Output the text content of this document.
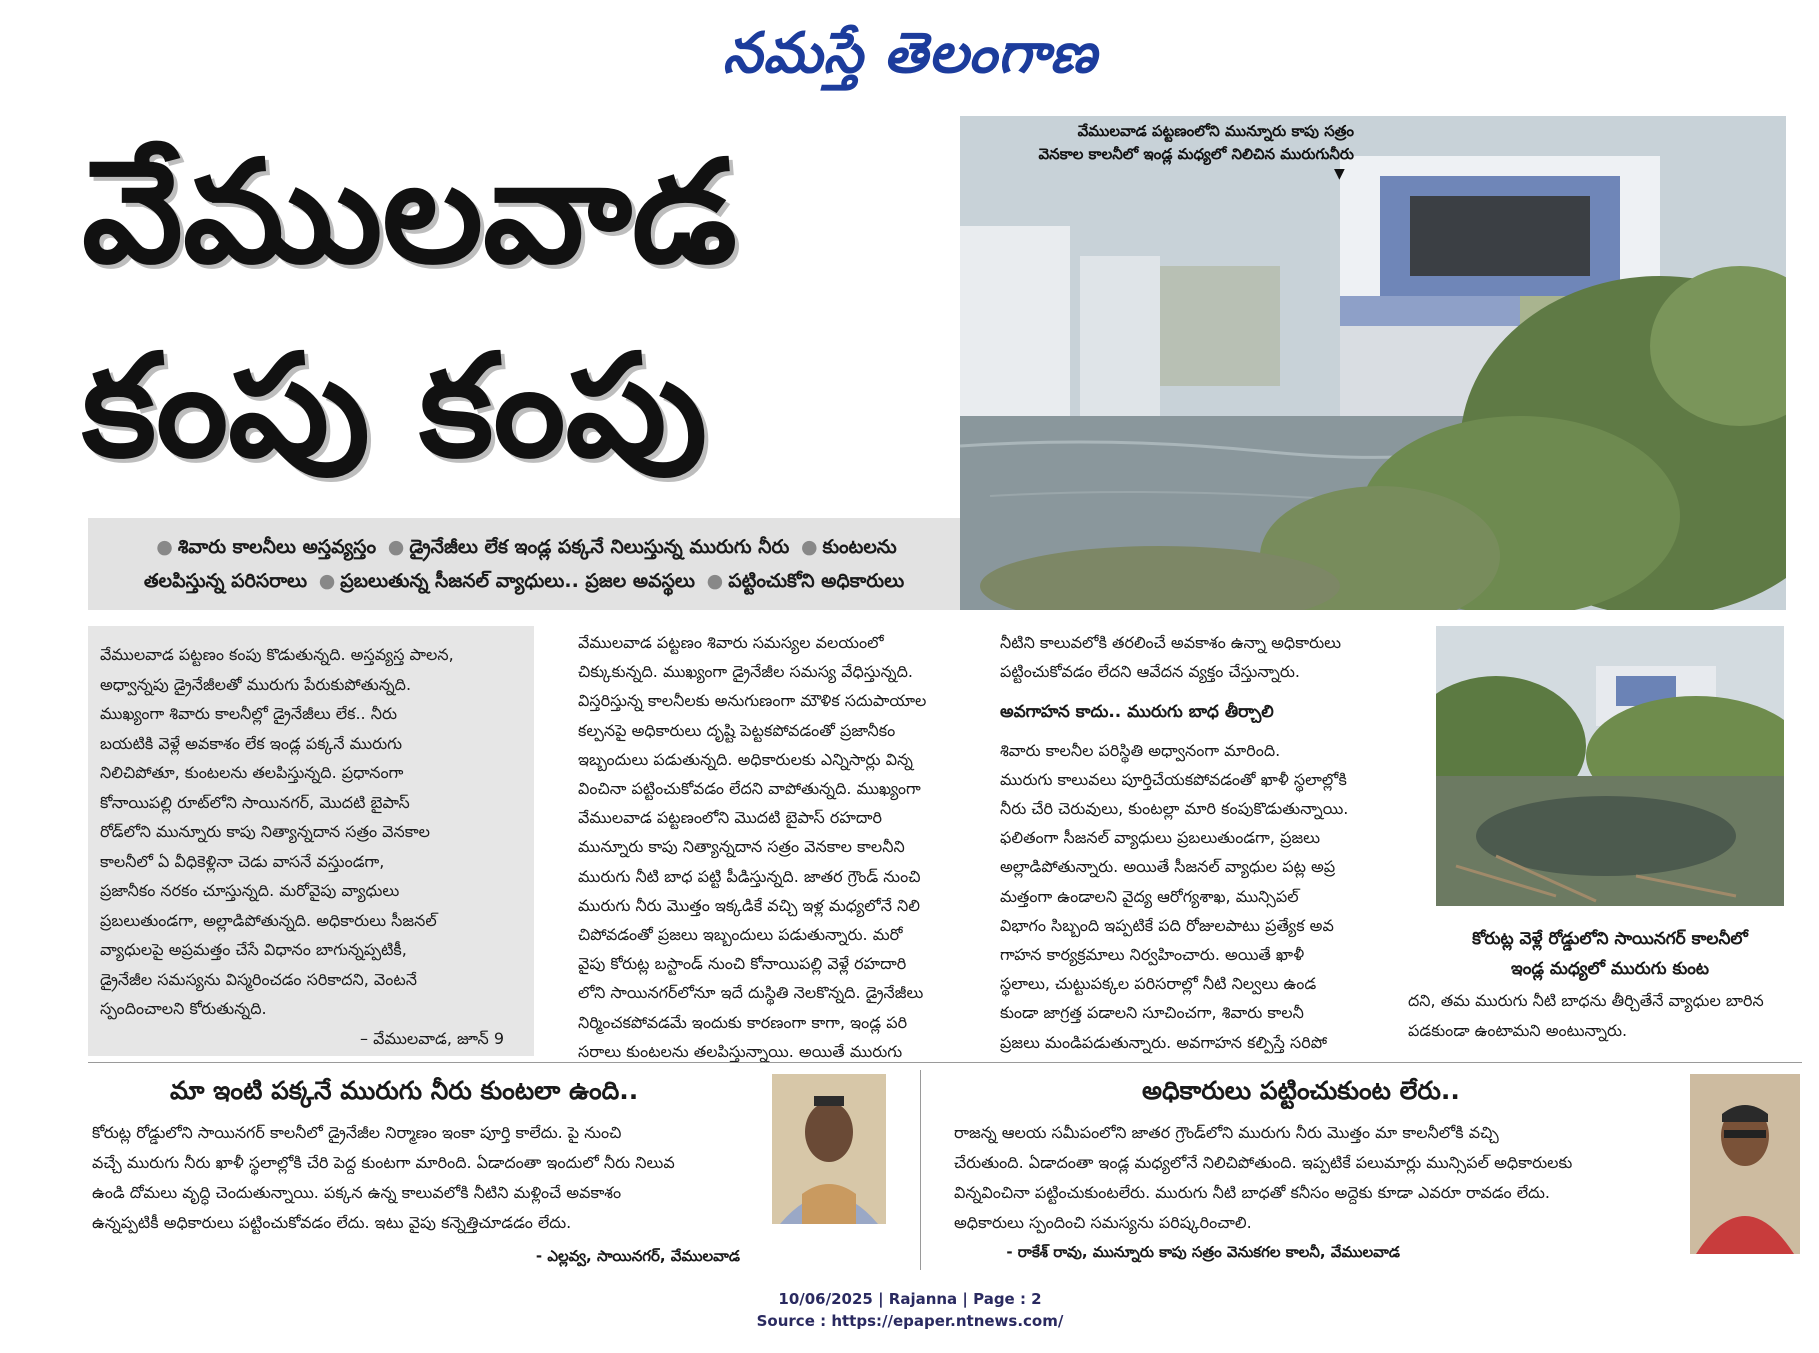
నమస్తే తెలంగాణ
వేములవాడ
కంపు కంపు
● శివారు కాలనీలు అస్తవ్యస్తం ● డ్రైనేజీలు లేక ఇండ్ల పక్కనే నిలుస్తున్న మురుగు నీరు ● కుంటలను
తలపిస్తున్న పరిసరాలు ● ప్రబలుతున్న సీజనల్ వ్యాధులు.. ప్రజల అవస్థలు ● పట్టించుకోని అధికారులు
వేములవాడ పట్టణంలోని మున్నూరు కాపు సత్రం
వెనకాల కాలనీలో ఇండ్ల మధ్యలో నిలిచిన మురుగునీరు
▼

వేములవాడ పట్టణం కంపు కొడుతున్నది. అస్తవ్యస్త పాలన,

అధ్వాన్నపు డ్రైనేజీలతో మురుగు పేరుకుపోతున్నది.

ముఖ్యంగా శివారు కాలనీల్లో డ్రైనేజీలు లేక.. నీరు

బయటికి వెళ్లే అవకాశం లేక ఇండ్ల పక్కనే మురుగు

నిలిచిపోతూ, కుంటలను తలపిస్తున్నది. ప్రధానంగా

కోనాయిపల్లి రూట్‌లోని సాయినగర్, మొదటి బైపాస్

రోడ్‌లోని మున్నూరు కాపు నిత్యాన్నదాన సత్రం వెనకాల

కాలనీలో ఏ వీధికెళ్లినా చెడు వాసనే వస్తుండగా,

ప్రజానీకం నరకం చూస్తున్నది. మరోవైపు వ్యాధులు

ప్రబలుతుండగా, అల్లాడిపోతున్నది. అధికారులు సీజనల్

వ్యాధులపై అప్రమత్తం చేసే విధానం బాగున్నప్పటికీ,

డ్రైనేజీల సమస్యను విస్మరించడం సరికాదని, వెంటనే

స్పందించాలని కోరుతున్నది.

– వేములవాడ, జూన్ 9

వేములవాడ పట్టణం శివారు సమస్యల వలయంలో

చిక్కుకున్నది. ముఖ్యంగా డ్రైనేజీల సమస్య వేధిస్తున్నది.

విస్తరిస్తున్న కాలనీలకు అనుగుణంగా మౌళిక సదుపాయాల

కల్పనపై అధికారులు దృష్టి పెట్టకపోవడంతో ప్రజానీకం

ఇబ్బందులు పడుతున్నది. అధికారులకు ఎన్నిసార్లు విన్న

వించినా పట్టించుకోవడం లేదని వాపోతున్నది. ముఖ్యంగా

వేములవాడ పట్టణంలోని మొదటి బైపాస్ రహదారి

మున్నూరు కాపు నిత్యాన్నదాన సత్రం వెనకాల కాలనీని

మురుగు నీటి బాధ పట్టి పీడిస్తున్నది. జాతర గ్రౌండ్ నుంచి

మురుగు నీరు మొత్తం ఇక్కడికే వచ్చి ఇళ్ల మధ్యలోనే నిలి

చిపోవడంతో ప్రజలు ఇబ్బందులు పడుతున్నారు. మరో

వైపు కోరుట్ల బస్టాండ్ నుంచి కోనాయిపల్లి వెళ్లే రహదారి

లోని సాయినగర్‌లోనూ ఇదే దుస్థితి నెలకొన్నది. డ్రైనేజీలు

నిర్మించకపోవడమే ఇందుకు కారణంగా కాగా, ఇండ్ల పరి

సరాలు కుంటలను తలపిస్తున్నాయి. అయితే మురుగు

నీటిని కాలువలోకి తరలించే అవకాశం ఉన్నా అధికారులు

పట్టించుకోవడం లేదని ఆవేదన వ్యక్తం చేస్తున్నారు.

అవగాహన కాదు.. మురుగు బాధ తీర్చాలి

శివారు కాలనీల పరిస్థితి అధ్వానంగా మారింది.

మురుగు కాలువలు పూర్తిచేయకపోవడంతో ఖాళీ స్థలాల్లోకి

నీరు చేరి చెరువులు, కుంటల్లా మారి కంపుకొడుతున్నాయి.

ఫలితంగా సీజనల్ వ్యాధులు ప్రబలుతుండగా, ప్రజలు

అల్లాడిపోతున్నారు. అయితే సీజనల్ వ్యాధుల పట్ల అప్ర

మత్తంగా ఉండాలని వైద్య ఆరోగ్యశాఖ, మున్సిపల్

విభాగం సిబ్బంది ఇప్పటికే పది రోజులపాటు ప్రత్యేక అవ

గాహన కార్యక్రమాలు నిర్వహించారు. అయితే ఖాళీ

స్థలాలు, చుట్టుపక్కల పరిసరాల్లో నీటి నిల్వలు ఉండ

కుండా జాగ్రత్త పడాలని సూచించగా, శివారు కాలనీ

ప్రజలు మండిపడుతున్నారు. అవగాహన కల్పిస్తే సరిపో

కోరుట్ల వెళ్లే రోడ్డులోని సాయినగర్ కాలనీలో
ఇండ్ల మధ్యలో మురుగు కుంట

దని, తమ మురుగు నీటి బాధను తీర్చితేనే వ్యాధుల బారిన

పడకుండా ఉంటామని అంటున్నారు.

మా ఇంటి పక్కనే మురుగు నీరు కుంటలా ఉంది..

కోరుట్ల రోడ్డులోని సాయినగర్ కాలనీలో డ్రైనేజీల నిర్మాణం ఇంకా పూర్తి కాలేదు. పై నుంచి

వచ్చే మురుగు నీరు ఖాళీ స్థలాల్లోకి చేరి పెద్ద కుంటగా మారింది. ఏడాదంతా ఇందులో నీరు నిలువ

ఉండి దోమలు వృద్ధి చెందుతున్నాయి. పక్కన ఉన్న కాలువలోకి నీటిని మళ్లించే అవకాశం

ఉన్నప్పటికీ అధికారులు పట్టించుకోవడం లేదు. ఇటు వైపు కన్నెత్తిచూడడం లేదు.

- ఎల్లవ్వ, సాయినగర్, వేములవాడ
అధికారులు పట్టించుకుంట లేరు..

రాజన్న ఆలయ సమీపంలోని జాతర గ్రౌండ్‌లోని మురుగు నీరు మొత్తం మా కాలనీలోకి వచ్చి

చేరుతుంది. ఏడాదంతా ఇండ్ల మధ్యలోనే నిలిచిపోతుంది. ఇప్పటికే పలుమార్లు మున్సిపల్ అధికారులకు

విన్నవించినా పట్టించుకుంటలేరు. మురుగు నీటి బాధతో కనీసం అద్దెకు కూడా ఎవరూ రావడం లేదు.

అధికారులు స్పందించి సమస్యను పరిష్కరించాలి.

- రాకేశ్ రావు, మున్నూరు కాపు సత్రం వెనుకగల కాలనీ, వేములవాడ
10/06/2025 | Rajanna | Page : 2
Source : https://epaper.ntnews.com/
